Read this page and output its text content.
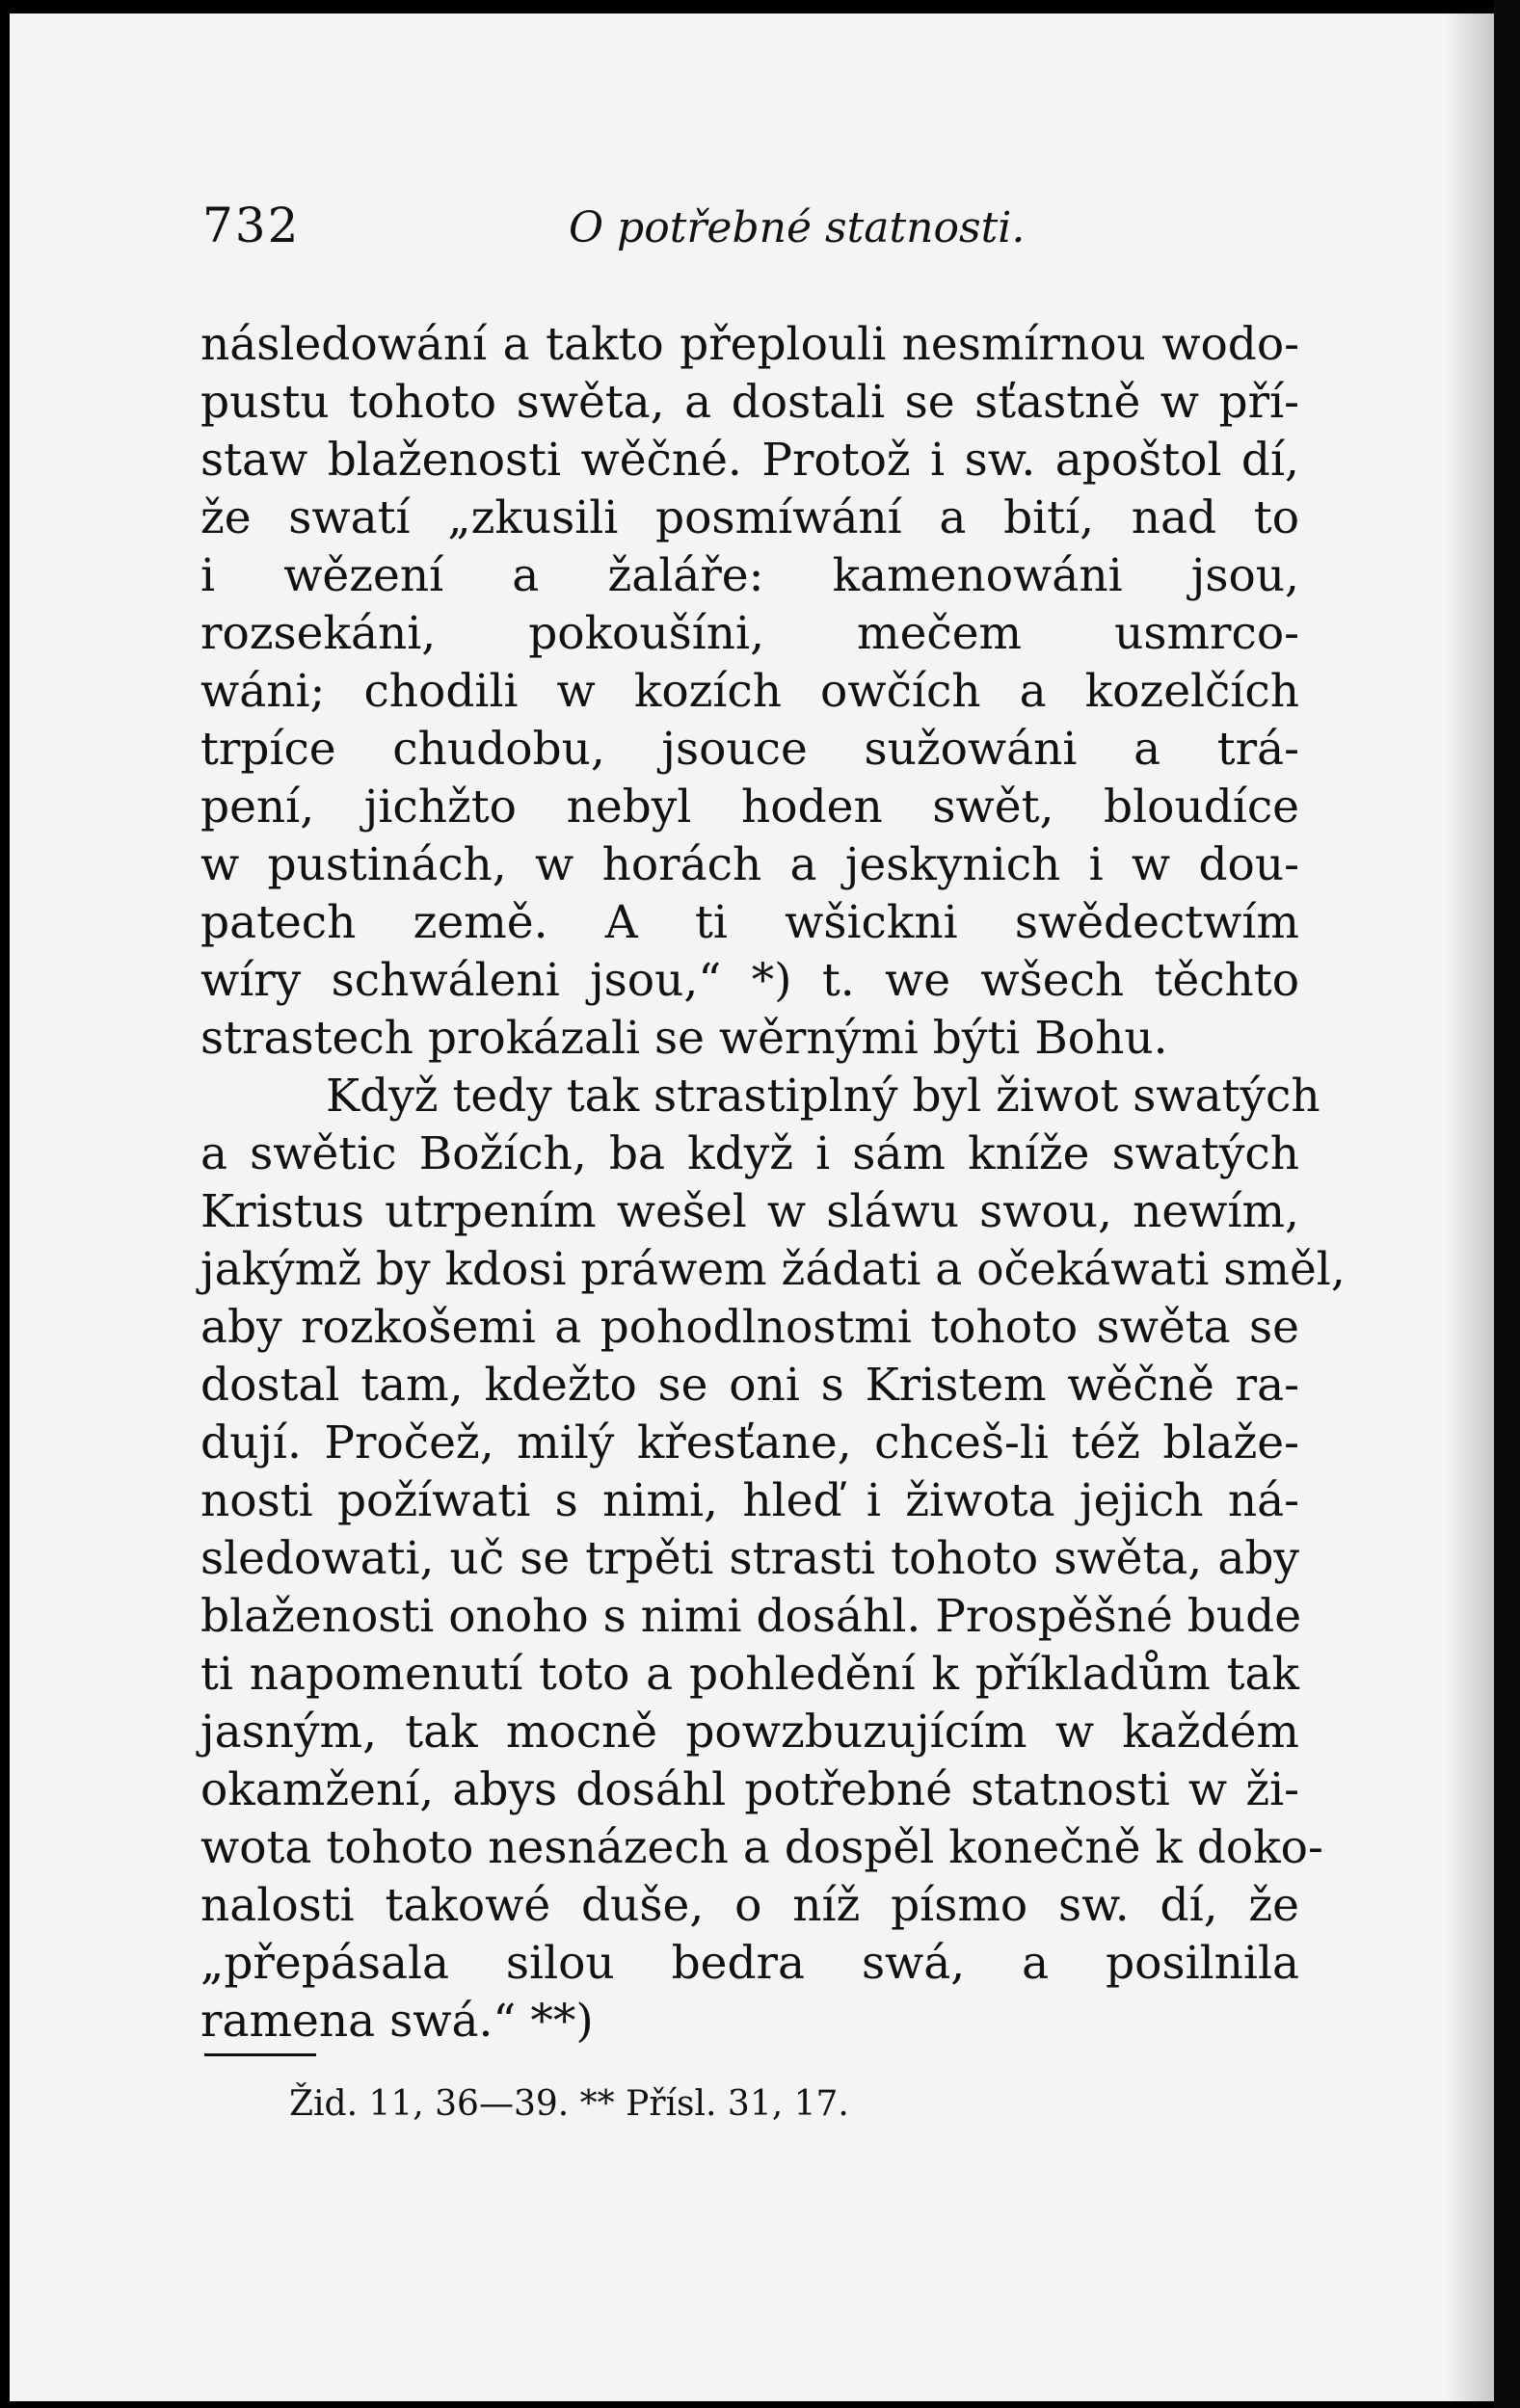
732	O potřebné statnosti.
následowání a takto přeplouli nesmírnou wodo-
pustu tohoto swěta, a dostali se sťastně w pří-
staw blaženosti wěčné. Protož i sw. apoštol dí,
že swatí „zkusili posmíwání a bití, nad to
i wězení a žaláře: kamenowáni jsou,
rozsekáni, pokoušíni, mečem usmrco-
wáni; chodili w kozích owčích a kozelčích
trpíce chudobu, jsouce sužowáni a trá-
pení, jichžto nebyl hoden swět, bloudíce
w pustinách, w horách a jeskynich i w dou-
patech země. A ti wšickni swědectwím
wíry schwáleni jsou,“ *) t. we wšech těchto
strastech prokázali se wěrnými býti Bohu.
Když tedy tak strastiplný byl žiwot swatých
a swětic Božích, ba když i sám kníže swatých
Kristus utrpením wešel w sláwu swou, newím,
jakýmž by kdosi práwem žádati a očekáwati směl,
aby rozkošemi a pohodlnostmi tohoto swěta se
dostal tam, kdežto se oni s Kristem wěčně ra-
dují. Pročež, milý křesťane, chceš-li též blaže-
nosti požíwati s nimi, hleď i žiwota jejich ná-
sledowati, uč se trpěti strasti tohoto swěta, aby
blaženosti onoho s nimi dosáhl. Prospěšné bude
ti napomenutí toto a pohledění k příkladům tak
jasným, tak mocně powzbuzujícím w každém
okamžení, abys dosáhl potřebné statnosti w ži-
wota tohoto nesnázech a dospěl konečně k doko-
nalosti takowé duše, o níž písmo sw. dí, že
„přepásala silou bedra swá, a posilnila
ramena swá.“ **)
Žid. 11, 36—39. ** Přísl. 31, 17.
